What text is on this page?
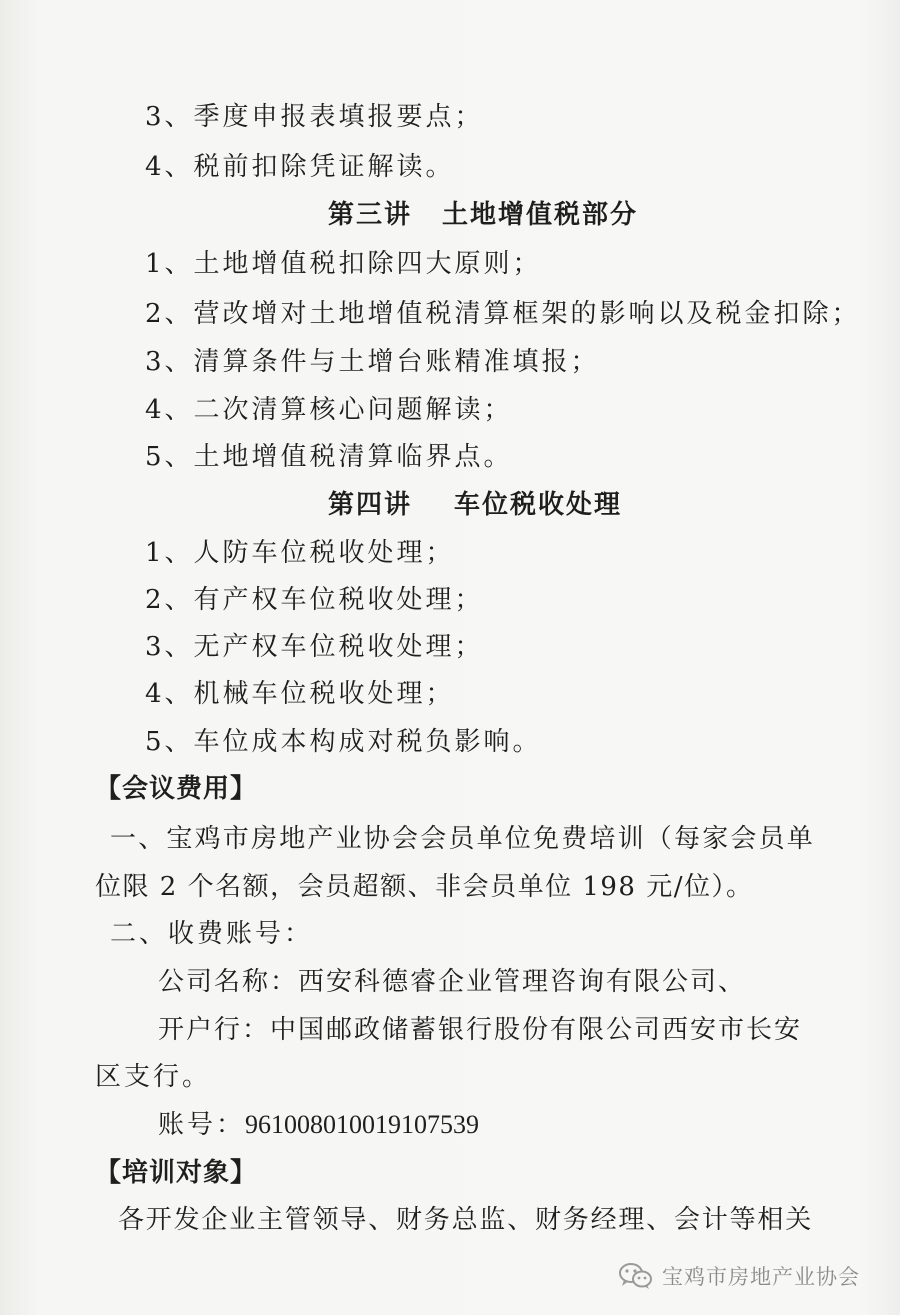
3、季度申报表填报要点；
4、税前扣除凭证解读。
第三讲 土地增值税部分
1、土地增值税扣除四大原则；
2、营改增对土地增值税清算框架的影响以及税金扣除；
3、清算条件与土增台账精准填报；
4、二次清算核心问题解读；
5、土地增值税清算临界点。
第四讲 车位税收处理
1、人防车位税收处理；
2、有产权车位税收处理；
3、无产权车位税收处理；
4、机械车位税收处理；
5、车位成本构成对税负影响。
【会议费用】
一、宝鸡市房地产业协会会员单位免费培训（每家会员单
位限 2 个名额，会员超额、非会员单位 198 元/位）。
二、收费账号：
公司名称：西安科德睿企业管理咨询有限公司、
开户行：中国邮政储蓄银行股份有限公司西安市长安
区支行。
账号：961008010019107539
【培训对象】
各开发企业主管领导、财务总监、财务经理、会计等相关
宝鸡市房地产业协会
